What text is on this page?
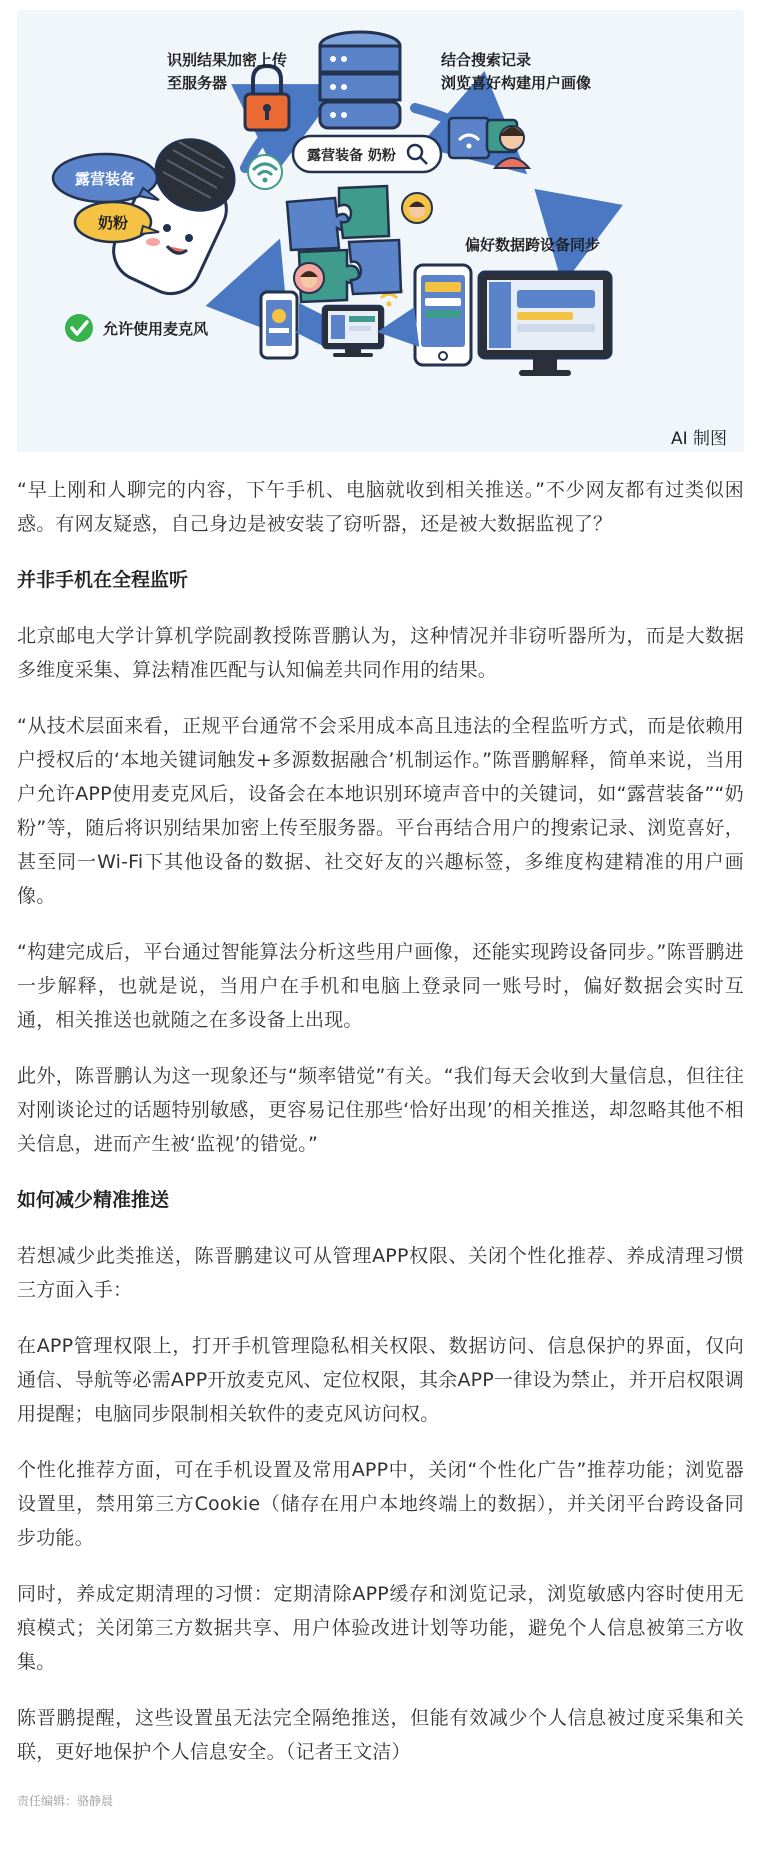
识别结果加密上传
至服务器
结合搜索记录
浏览喜好构建用户画像
露营装备
奶粉
露营装备 奶粉
偏好数据跨设备同步
允许使用麦克风
AI 制图

“早上刚和人聊完的内容，下午手机、电脑就收到相关推送。”不少网友都有过类似困惑。有网友疑惑，自己身边是被安装了窃听器，还是被大数据监视了？

并非手机在全程监听

北京邮电大学计算机学院副教授陈晋鹏认为，这种情况并非窃听器所为，而是大数据多维度采集、算法精准匹配与认知偏差共同作用的结果。

“从技术层面来看，正规平台通常不会采用成本高且违法的全程监听方式，而是依赖用户授权后的‘本地关键词触发+多源数据融合’机制运作。”陈晋鹏解释，简单来说，当用户允许APP使用麦克风后，设备会在本地识别环境声音中的关键词，如“露营装备”“奶粉”等，随后将识别结果加密上传至服务器。平台再结合用户的搜索记录、浏览喜好，甚至同一Wi-Fi下其他设备的数据、社交好友的兴趣标签，多维度构建精准的用户画像。

“构建完成后，平台通过智能算法分析这些用户画像，还能实现跨设备同步。”陈晋鹏进一步解释，也就是说，当用户在手机和电脑上登录同一账号时，偏好数据会实时互通，相关推送也就随之在多设备上出现。

此外，陈晋鹏认为这一现象还与“频率错觉”有关。“我们每天会收到大量信息，但往往对刚谈论过的话题特别敏感，更容易记住那些‘恰好出现’的相关推送，却忽略其他不相关信息，进而产生被‘监视’的错觉。”

如何减少精准推送

若想减少此类推送，陈晋鹏建议可从管理APP权限、关闭个性化推荐、养成清理习惯三方面入手：

在APP管理权限上，打开手机管理隐私相关权限、数据访问、信息保护的界面，仅向通信、导航等必需APP开放麦克风、定位权限，其余APP一律设为禁止，并开启权限调用提醒；电脑同步限制相关软件的麦克风访问权。

个性化推荐方面，可在手机设置及常用APP中，关闭“个性化广告”推荐功能；浏览器设置里，禁用第三方Cookie（储存在用户本地终端上的数据），并关闭平台跨设备同步功能。

同时，养成定期清理的习惯：定期清除APP缓存和浏览记录，浏览敏感内容时使用无痕模式；关闭第三方数据共享、用户体验改进计划等功能，避免个人信息被第三方收集。

陈晋鹏提醒，这些设置虽无法完全隔绝推送，但能有效减少个人信息被过度采集和关联，更好地保护个人信息安全。（记者王文洁）

责任编辑：骆静晨
